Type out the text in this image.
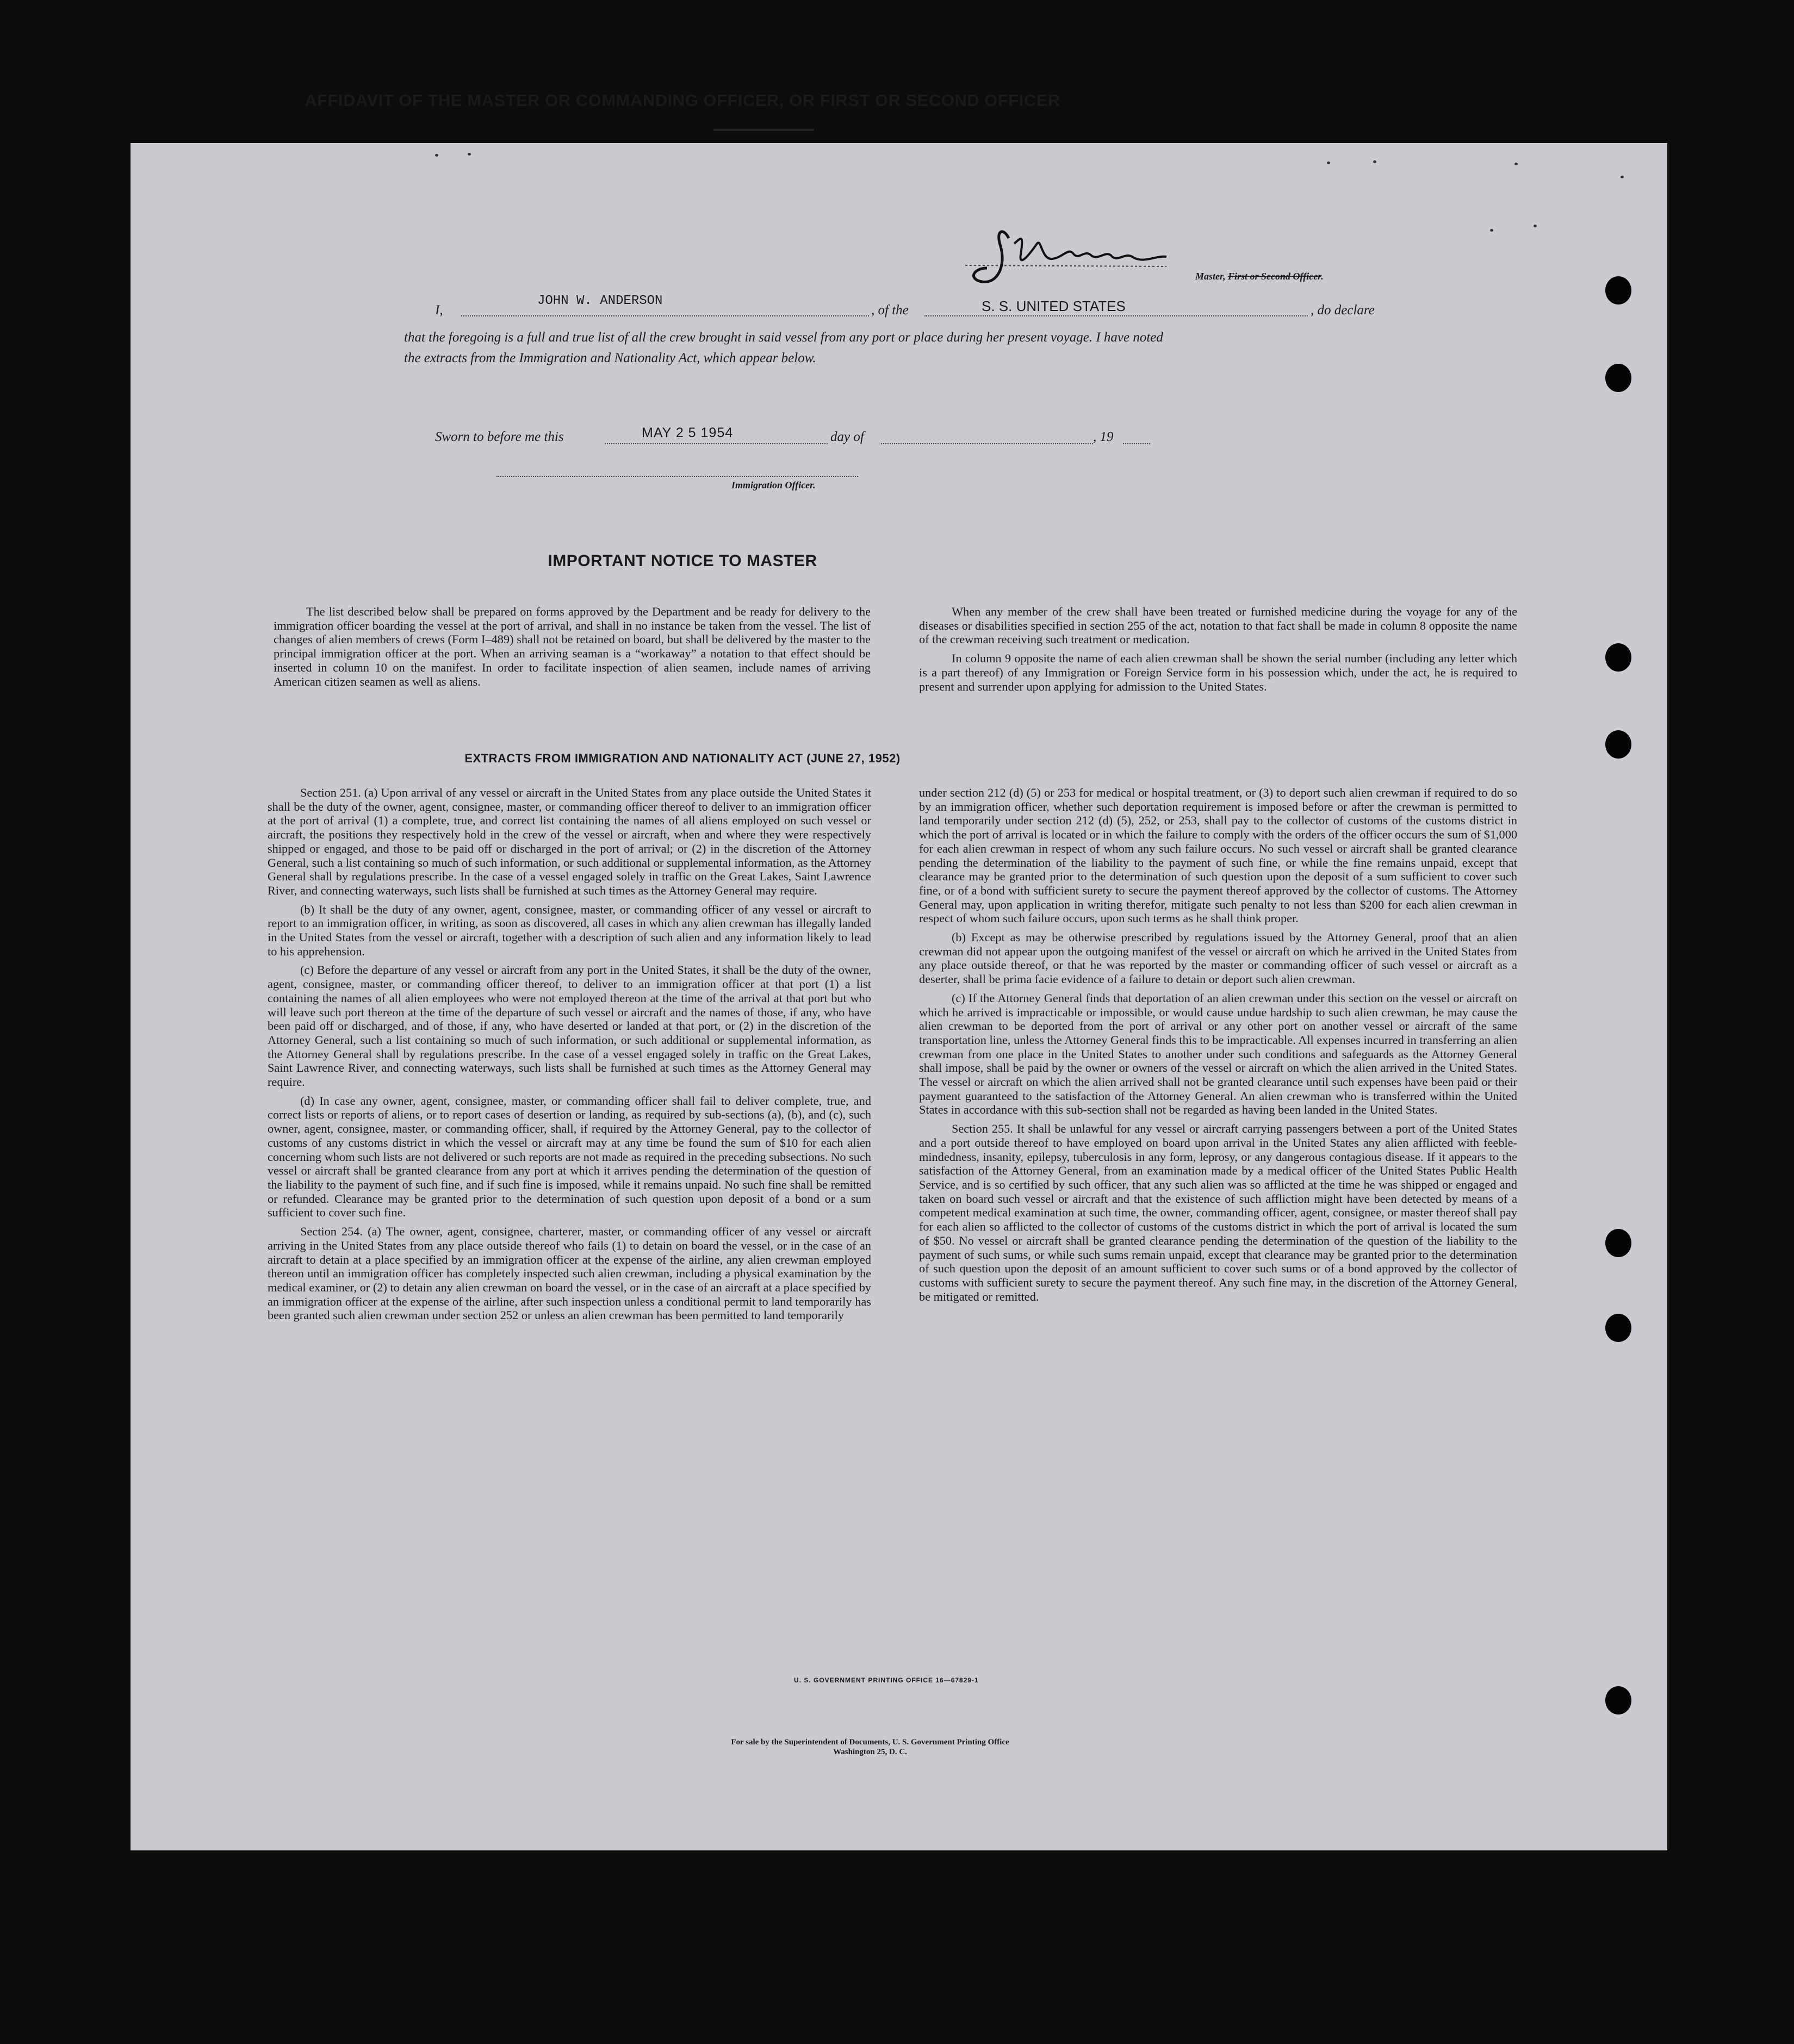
AFFIDAVIT OF THE MASTER OR COMMANDING OFFICER, OR FIRST OR SECOND OFFICER
I,
JOHN W. ANDERSON
, of the	S. S. UNITED STATES	, do declare
that the foregoing is a full and true list of all the crew brought in said vessel from any port or place during her present voyage. I have noted
the extracts from the Immigration and Nationality Act, which appear below.
Master, First or Second Officer.
Sworn to before me this	MAY 2 5 1954	day of	, 19
Immigration Officer.
IMPORTANT NOTICE TO MASTER

The list described below shall be prepared on forms approved by the Department and be ready for delivery to the immigration officer boarding the vessel at the port of arrival, and shall in no instance be taken from the vessel. The list of changes of alien members of crews (Form I–489) shall not be retained on board, but shall be delivered by the master to the principal immigration officer at the port. When an arriving seaman is a “workaway” a notation to that effect should be inserted in column 10 on the manifest. In order to facilitate inspection of alien seamen, include names of arriving American citizen seamen as well as aliens.

When any member of the crew shall have been treated or furnished medicine during the voyage for any of the diseases or disabilities specified in section 255 of the act, notation to that fact shall be made in column 8 opposite the name of the crewman receiving such treatment or medication.

In column 9 opposite the name of each alien crewman shall be shown the serial number (including any letter which is a part thereof) of any Immigration or Foreign Service form in his possession which, under the act, he is required to present and surrender upon applying for admission to the United States.

EXTRACTS FROM IMMIGRATION AND NATIONALITY ACT (JUNE 27, 1952)

Section 251. (a) Upon arrival of any vessel or aircraft in the United States from any place outside the United States it shall be the duty of the owner, agent, consignee, master, or commanding officer thereof to deliver to an immigration officer at the port of arrival (1) a complete, true, and correct list containing the names of all aliens employed on such vessel or aircraft, the positions they respectively hold in the crew of the vessel or aircraft, when and where they were respectively shipped or engaged, and those to be paid off or discharged in the port of arrival; or (2) in the discretion of the Attorney General, such a list containing so much of such information, or such additional or supplemental information, as the Attorney General shall by regulations prescribe. In the case of a vessel engaged solely in traffic on the Great Lakes, Saint Lawrence River, and connecting waterways, such lists shall be furnished at such times as the Attorney General may require.

(b) It shall be the duty of any owner, agent, consignee, master, or commanding officer of any vessel or aircraft to report to an immigration officer, in writing, as soon as discovered, all cases in which any alien crewman has illegally landed in the United States from the vessel or aircraft, together with a description of such alien and any information likely to lead to his apprehension.

(c) Before the departure of any vessel or aircraft from any port in the United States, it shall be the duty of the owner, agent, consignee, master, or commanding officer thereof, to deliver to an immigration officer at that port (1) a list containing the names of all alien employees who were not employed thereon at the time of the arrival at that port but who will leave such port thereon at the time of the departure of such vessel or aircraft and the names of those, if any, who have been paid off or discharged, and of those, if any, who have deserted or landed at that port, or (2) in the discretion of the Attorney General, such a list containing so much of such information, or such additional or supplemental information, as the Attorney General shall by regulations prescribe. In the case of a vessel engaged solely in traffic on the Great Lakes, Saint Lawrence River, and connecting waterways, such lists shall be furnished at such times as the Attorney General may require.

(d) In case any owner, agent, consignee, master, or commanding officer shall fail to deliver complete, true, and correct lists or reports of aliens, or to report cases of desertion or landing, as required by sub-sections (a), (b), and (c), such owner, agent, consignee, master, or commanding officer, shall, if required by the Attorney General, pay to the collector of customs of any customs district in which the vessel or aircraft may at any time be found the sum of $10 for each alien concerning whom such lists are not delivered or such reports are not made as required in the preceding subsections. No such vessel or aircraft shall be granted clearance from any port at which it arrives pending the determination of the question of the liability to the payment of such fine, and if such fine is imposed, while it remains unpaid. No such fine shall be remitted or refunded. Clearance may be granted prior to the determination of such question upon deposit of a bond or a sum sufficient to cover such fine.

Section 254. (a) The owner, agent, consignee, charterer, master, or commanding officer of any vessel or aircraft arriving in the United States from any place outside thereof who fails (1) to detain on board the vessel, or in the case of an aircraft to detain at a place specified by an immigration officer at the expense of the airline, any alien crewman employed thereon until an immigration officer has completely inspected such alien crewman, including a physical examination by the medical examiner, or (2) to detain any alien crewman on board the vessel, or in the case of an aircraft at a place specified by an immigration officer at the expense of the airline, after such inspection unless a conditional permit to land temporarily has been granted such alien crewman under section 252 or unless an alien crewman has been permitted to land temporarily

under section 212 (d) (5) or 253 for medical or hospital treatment, or (3) to deport such alien crewman if required to do so by an immigration officer, whether such deportation requirement is imposed before or after the crewman is permitted to land temporarily under section 212 (d) (5), 252, or 253, shall pay to the collector of customs of the customs district in which the port of arrival is located or in which the failure to comply with the orders of the officer occurs the sum of $1,000 for each alien crewman in respect of whom any such failure occurs. No such vessel or aircraft shall be granted clearance pending the determination of the liability to the payment of such fine, or while the fine remains unpaid, except that clearance may be granted prior to the determination of such question upon the deposit of a sum sufficient to cover such fine, or of a bond with sufficient surety to secure the payment thereof approved by the collector of customs. The Attorney General may, upon application in writing therefor, mitigate such penalty to not less than $200 for each alien crewman in respect of whom such failure occurs, upon such terms as he shall think proper.

(b) Except as may be otherwise prescribed by regulations issued by the Attorney General, proof that an alien crewman did not appear upon the outgoing manifest of the vessel or aircraft on which he arrived in the United States from any place outside thereof, or that he was reported by the master or commanding officer of such vessel or aircraft as a deserter, shall be prima facie evidence of a failure to detain or deport such alien crewman.

(c) If the Attorney General finds that deportation of an alien crewman under this section on the vessel or aircraft on which he arrived is impracticable or impossible, or would cause undue hardship to such alien crewman, he may cause the alien crewman to be deported from the port of arrival or any other port on another vessel or aircraft of the same transportation line, unless the Attorney General finds this to be impracticable. All expenses incurred in transferring an alien crewman from one place in the United States to another under such conditions and safeguards as the Attorney General shall impose, shall be paid by the owner or owners of the vessel or aircraft on which the alien arrived in the United States. The vessel or aircraft on which the alien arrived shall not be granted clearance until such expenses have been paid or their payment guaranteed to the satisfaction of the Attorney General. An alien crewman who is transferred within the United States in accordance with this sub-section shall not be regarded as having been landed in the United States.

Section 255. It shall be unlawful for any vessel or aircraft carrying passengers between a port of the United States and a port outside thereof to have employed on board upon arrival in the United States any alien afflicted with feeble-mindedness, insanity, epilepsy, tuberculosis in any form, leprosy, or any dangerous contagious disease. If it appears to the satisfaction of the Attorney General, from an examination made by a medical officer of the United States Public Health Service, and is so certified by such officer, that any such alien was so afflicted at the time he was shipped or engaged and taken on board such vessel or aircraft and that the existence of such affliction might have been detected by means of a competent medical examination at such time, the owner, commanding officer, agent, consignee, or master thereof shall pay for each alien so afflicted to the collector of customs of the customs district in which the port of arrival is located the sum of $50. No vessel or aircraft shall be granted clearance pending the determination of the question of the liability to the payment of such sums, or while such sums remain unpaid, except that clearance may be granted prior to the determination of such question upon the deposit of an amount sufficient to cover such sums or of a bond approved by the collector of customs with sufficient surety to secure the payment thereof. Any such fine may, in the discretion of the Attorney General, be mitigated or remitted.

U. S. GOVERNMENT PRINTING OFFICE 16—67829-1
For sale by the Superintendent of Documents, U. S. Government Printing Office
Washington 25, D. C.
